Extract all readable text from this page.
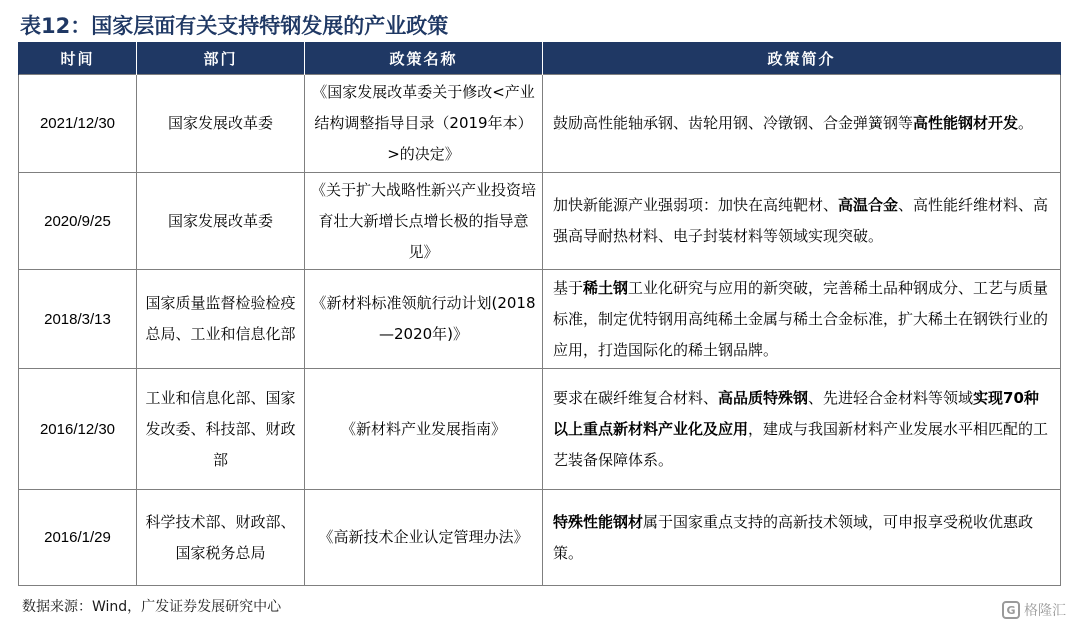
表12：国家层面有关支持特钢发展的产业政策
时间	部门	政策名称	政策简介
2021/12/30	国家发展改革委	《国家发展改革委关于修改<产业结构调整指导目录（2019年本）>的决定》	鼓励高性能轴承钢、齿轮用钢、冷镦钢、合金弹簧钢等高性能钢材开发。
2020/9/25	国家发展改革委	《关于扩大战略性新兴产业投资培育壮大新增长点增长极的指导意见》	加快新能源产业强弱项：加快在高纯靶材、高温合金、高性能纤维材料、高强高导耐热材料、电子封装材料等领域实现突破。
2018/3/13	国家质量监督检验检疫总局、工业和信息化部	《新材料标准领航行动计划(2018—2020年)》	基于稀土钢工业化研究与应用的新突破，完善稀土品种钢成分、工艺与质量标准，制定优特钢用高纯稀土金属与稀土合金标准，扩大稀土在钢铁行业的应用，打造国际化的稀土钢品牌。
2016/12/30	工业和信息化部、国家发改委、科技部、财政部	《新材料产业发展指南》	要求在碳纤维复合材料、高品质特殊钢、先进轻合金材料等领域实现70种以上重点新材料产业化及应用，建成与我国新材料产业发展水平相匹配的工艺装备保障体系。
2016/1/29	科学技术部、财政部、国家税务总局	《高新技术企业认定管理办法》	特殊性能钢材属于国家重点支持的高新技术领域，可申报享受税收优惠政策。
数据来源：Wind，广发证券发展研究中心	G 格隆汇
